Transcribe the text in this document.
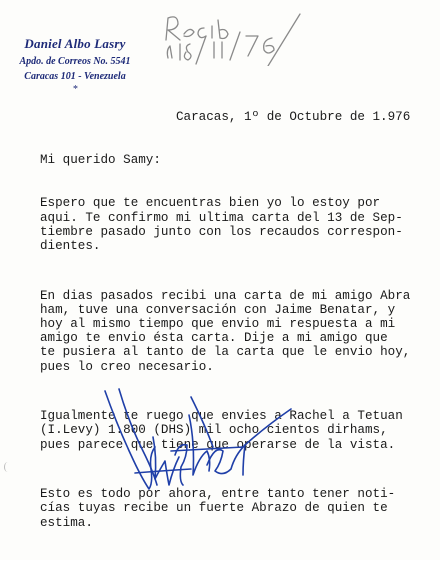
Daniel Albo Lasry
Apdo. de Correos No. 5541
Caracas 101 - Venezuela
*
Caracas, 1º de Octubre de 1.976
Mi querido Samy:

Espero que te encuentras bien yo lo estoy por
aqui. Te confirmo mi ultima carta del 13 de Sep-
tiembre pasado junto con los recaudos correspon-
dientes.

En dias pasados recibi una carta de mi amigo Abra
ham, tuve una conversación con Jaime Benatar, y
hoy al mismo tiempo que envio mi respuesta a mi
amigo te envio ésta carta. Dije a mi amigo que
te pusiera al tanto de la carta que le envio hoy,
pues lo creo necesario.

Igualmente te ruego que envies a Rachel a Tetuan
(I.Levy) 1.800 (DHS) mil ocho cientos dirhams,
pues parece que tiene que operarse de la vista.

Esto es todo por ahora, entre tanto tener noti-
cías tuyas recibe un fuerte Abrazo de quien te
estima.
